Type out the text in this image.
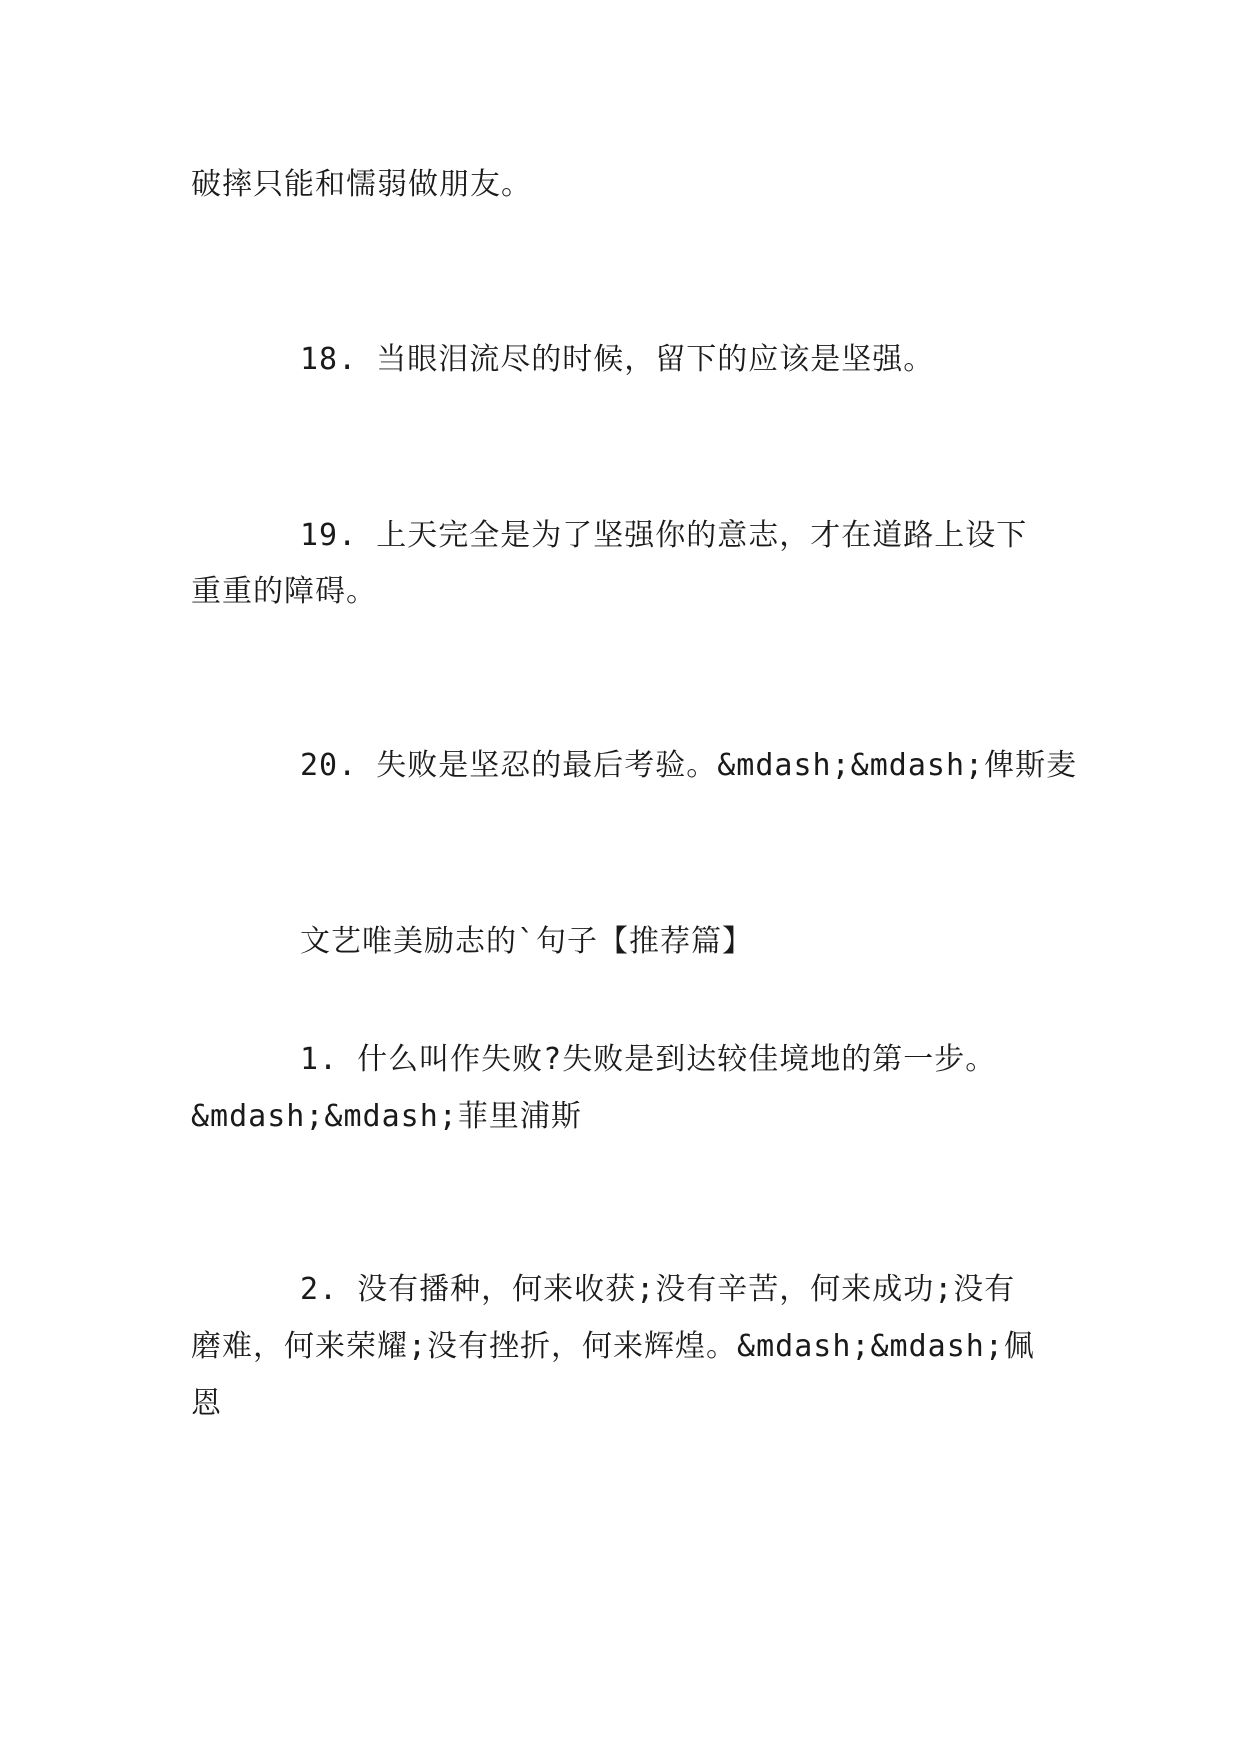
破摔只能和懦弱做朋友。
18. 当眼泪流尽的时候，留下的应该是坚强。
19. 上天完全是为了坚强你的意志，才在道路上设下
重重的障碍。
20. 失败是坚忍的最后考验。&mdash;&mdash;俾斯麦
文艺唯美励志的`句子【推荐篇】
1. 什么叫作失败?失败是到达较佳境地的第一步。
&mdash;&mdash;菲里浦斯
2. 没有播种，何来收获;没有辛苦，何来成功;没有
磨难，何来荣耀;没有挫折，何来辉煌。&mdash;&mdash;佩
恩
